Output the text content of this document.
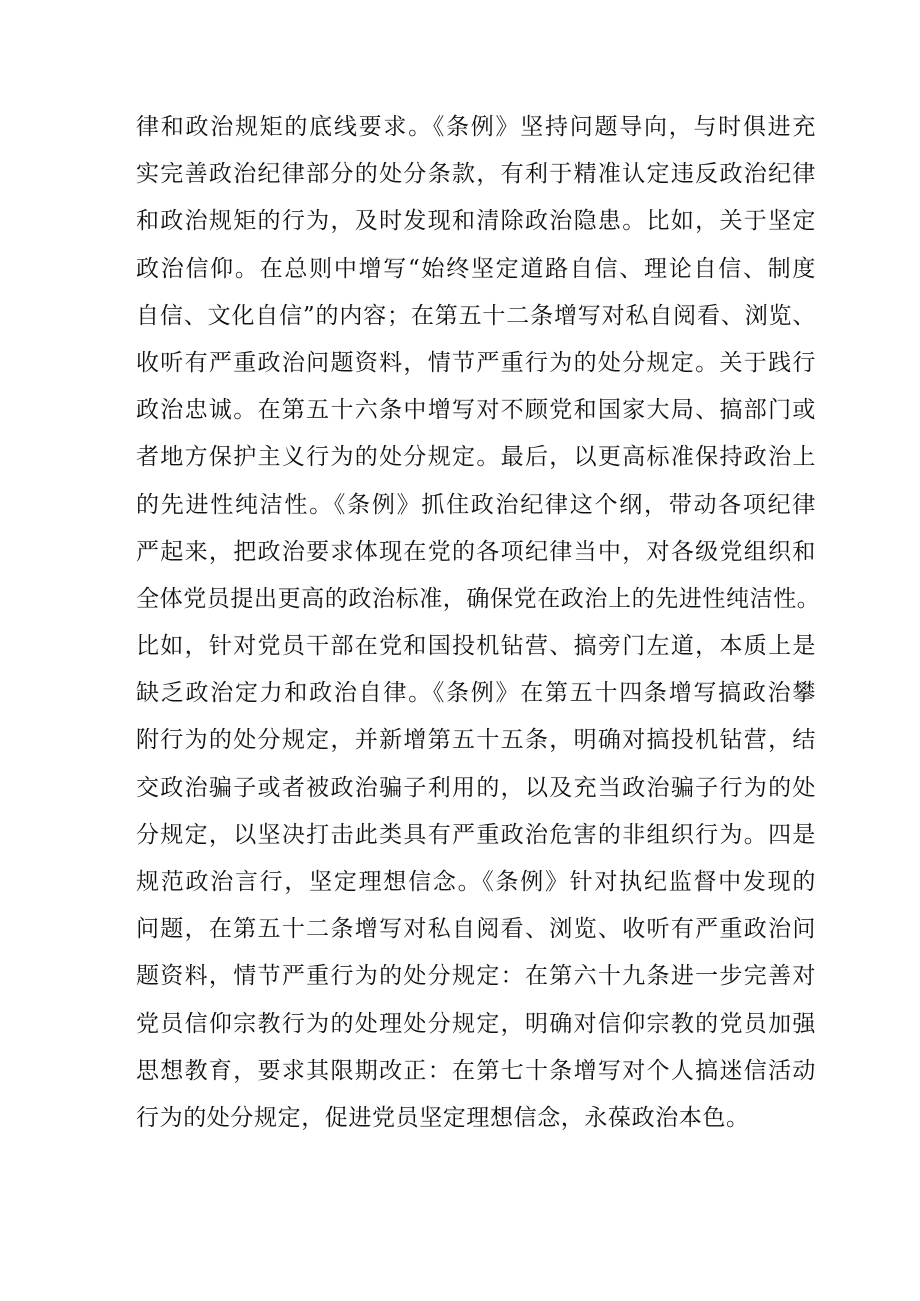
律和政治规矩的底线要求。《条例》坚持问题导向，与时俱进充
实完善政治纪律部分的处分条款，有利于精准认定违反政治纪律
和政治规矩的行为，及时发现和清除政治隐患。比如，关于坚定
政治信仰。在总则中增写“始终坚定道路自信、理论自信、制度
自信、文化自信”的内容；在第五十二条增写对私自阅看、浏览、
收听有严重政治问题资料，情节严重行为的处分规定。关于践行
政治忠诚。在第五十六条中增写对不顾党和国家大局、搞部门或
者地方保护主义行为的处分规定。最后，以更高标准保持政治上
的先进性纯洁性。《条例》抓住政治纪律这个纲，带动各项纪律
严起来，把政治要求体现在党的各项纪律当中，对各级党组织和
全体党员提出更高的政治标准，确保党在政治上的先进性纯洁性。
比如，针对党员干部在党和国投机钻营、搞旁门左道，本质上是
缺乏政治定力和政治自律。《条例》在第五十四条增写搞政治攀
附行为的处分规定，并新增第五十五条，明确对搞投机钻营，结
交政治骗子或者被政治骗子利用的，以及充当政治骗子行为的处
分规定，以坚决打击此类具有严重政治危害的非组织行为。四是
规范政治言行，坚定理想信念。《条例》针对执纪监督中发现的
问题，在第五十二条增写对私自阅看、浏览、收听有严重政治问
题资料，情节严重行为的处分规定：在第六十九条进一步完善对
党员信仰宗教行为的处理处分规定，明确对信仰宗教的党员加强
思想教育，要求其限期改正：在第七十条增写对个人搞迷信活动
行为的处分规定，促进党员坚定理想信念，永葆政治本色。
